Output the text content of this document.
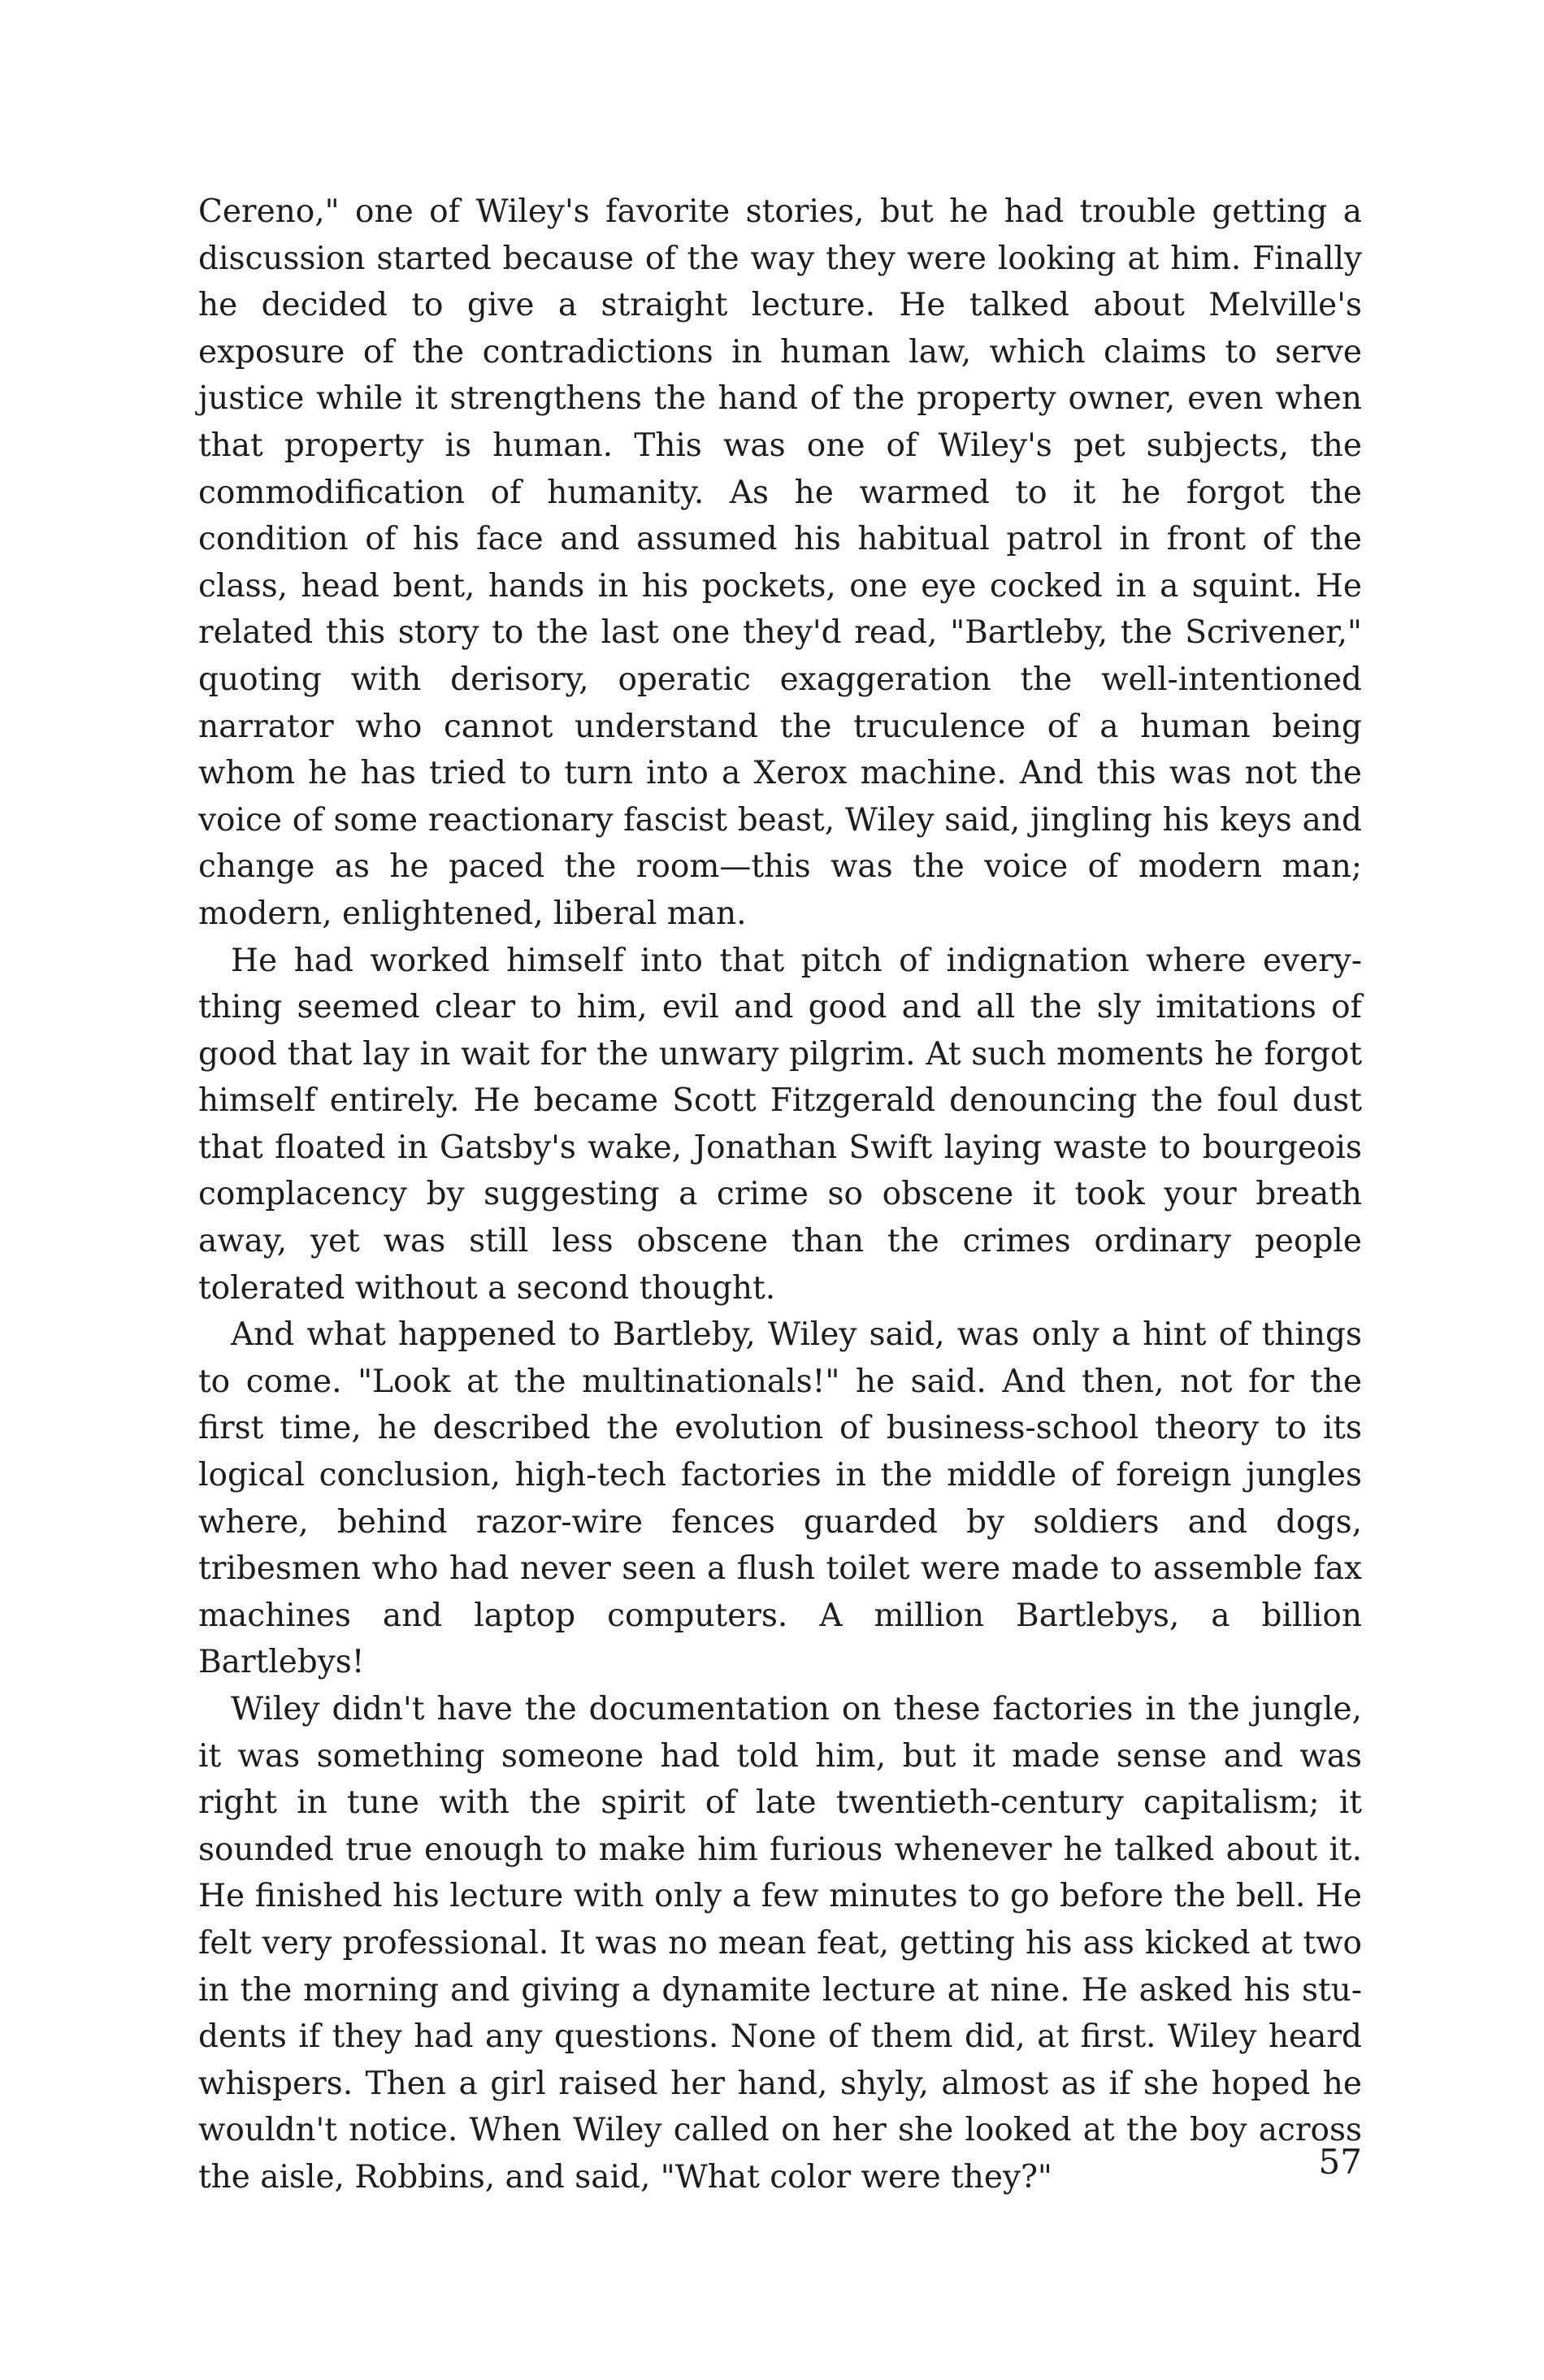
Cereno," one of Wiley's favorite stories, but he had trouble getting a discussion started because of the way they were looking at him. Finally he decided to give a straight lecture. He talked about Melville's exposure of the contradictions in human law, which claims to serve justice while it strengthens the hand of the property owner, even when that property is human. This was one of Wiley's pet subjects, the commodification of humanity. As he warmed to it he forgot the condition of his face and assumed his habitual patrol in front of the class, head bent, hands in his pockets, one eye cocked in a squint. He related this story to the last one they'd read, "Bartleby, the Scrivener," quoting with derisory, operatic exaggeration the well-intentioned narrator who cannot understand the truculence of a human being whom he has tried to turn into a Xerox machine. And this was not the voice of some reactionary fascist beast, Wiley said, jingling his keys and change as he paced the room—this was the voice of modern man; modern, enlightened, liberal man.

He had worked himself into that pitch of indignation where everything seemed clear to him, evil and good and all the sly imitations of good that lay in wait for the unwary pilgrim. At such moments he forgot himself entirely. He became Scott Fitzgerald denouncing the foul dust that floated in Gatsby's wake, Jonathan Swift laying waste to bourgeois complacency by suggesting a crime so obscene it took your breath away, yet was still less obscene than the crimes ordinary people tolerated without a second thought.

And what happened to Bartleby, Wiley said, was only a hint of things to come. "Look at the multinationals!" he said. And then, not for the first time, he described the evolution of business-school theory to its logical conclusion, high-tech factories in the middle of foreign jungles where, behind razor-wire fences guarded by soldiers and dogs, tribesmen who had never seen a flush toilet were made to assemble fax machines and laptop computers. A million Bartlebys, a billion Bartlebys!

Wiley didn't have the documentation on these factories in the jungle, it was something someone had told him, but it made sense and was right in tune with the spirit of late twentieth-century capitalism; it sounded true enough to make him furious whenever he talked about it. He finished his lecture with only a few minutes to go before the bell. He felt very professional. It was no mean feat, getting his ass kicked at two in the morning and giving a dynamite lecture at nine. He asked his students if they had any questions. None of them did, at first. Wiley heard whispers. Then a girl raised her hand, shyly, almost as if she hoped he wouldn't notice. When Wiley called on her she looked at the boy across the aisle, Robbins, and said, "What color were they?"	57
